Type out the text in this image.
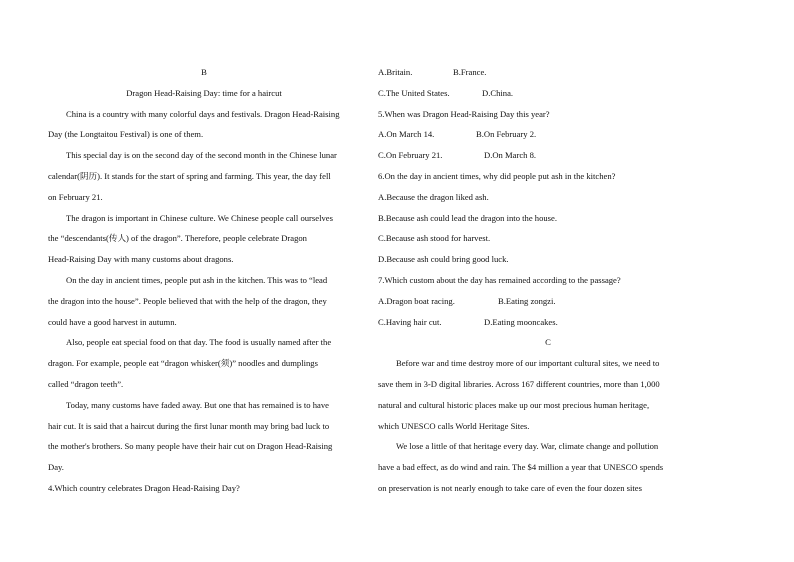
B
Dragon Head-Raising Day: time for a haircut
China is a country with many colorful days and festivals. Dragon Head-Raising
Day (the Longtaitou Festival) is one of them.
This special day is on the second day of the second month in the Chinese lunar
calendar(阴历). It stands for the start of spring and farming. This year, the day fell
on February 21.
The dragon is important in Chinese culture. We Chinese people call ourselves
the “descendants(传人) of the dragon”. Therefore, people celebrate Dragon
Head-Raising Day with many customs about dragons.
On the day in ancient times, people put ash in the kitchen. This was to “lead
the dragon into the house”. People believed that with the help of the dragon, they
could have a good harvest in autumn.
Also, people eat special food on that day. The food is usually named after the
dragon. For example, people eat “dragon whisker(须)” noodles and dumplings
called “dragon teeth”.
Today, many customs have faded away. But one that has remained is to have
hair cut. It is said that a haircut during the first lunar month may bring bad luck to
the mother's brothers. So many people have their hair cut on Dragon Head-Raising
Day.
4.Which country celebrates Dragon Head-Raising Day?
A.Britain.	B.France.
C.The United States.	D.China.
5.When was Dragon Head-Raising Day this year?
A.On March 14.	B.On February 2.
C.On February 21.	D.On March 8.
6.On the day in ancient times, why did people put ash in the kitchen?
A.Because the dragon liked ash.
B.Because ash could lead the dragon into the house.
C.Because ash stood for harvest.
D.Because ash could bring good luck.
7.Which custom about the day has remained according to the passage?
A.Dragon boat racing.	B.Eating zongzi.
C.Having hair cut.	D.Eating mooncakes.
C
Before war and time destroy more of our important cultural sites, we need to
save them in 3-D digital libraries. Across 167 different countries, more than 1,000
natural and cultural historic places make up our most precious human heritage,
which UNESCO calls World Heritage Sites.
We lose a little of that heritage every day. War, climate change and pollution
have a bad effect, as do wind and rain. The $4 million a year that UNESCO spends
on preservation is not nearly enough to take care of even the four dozen sites
